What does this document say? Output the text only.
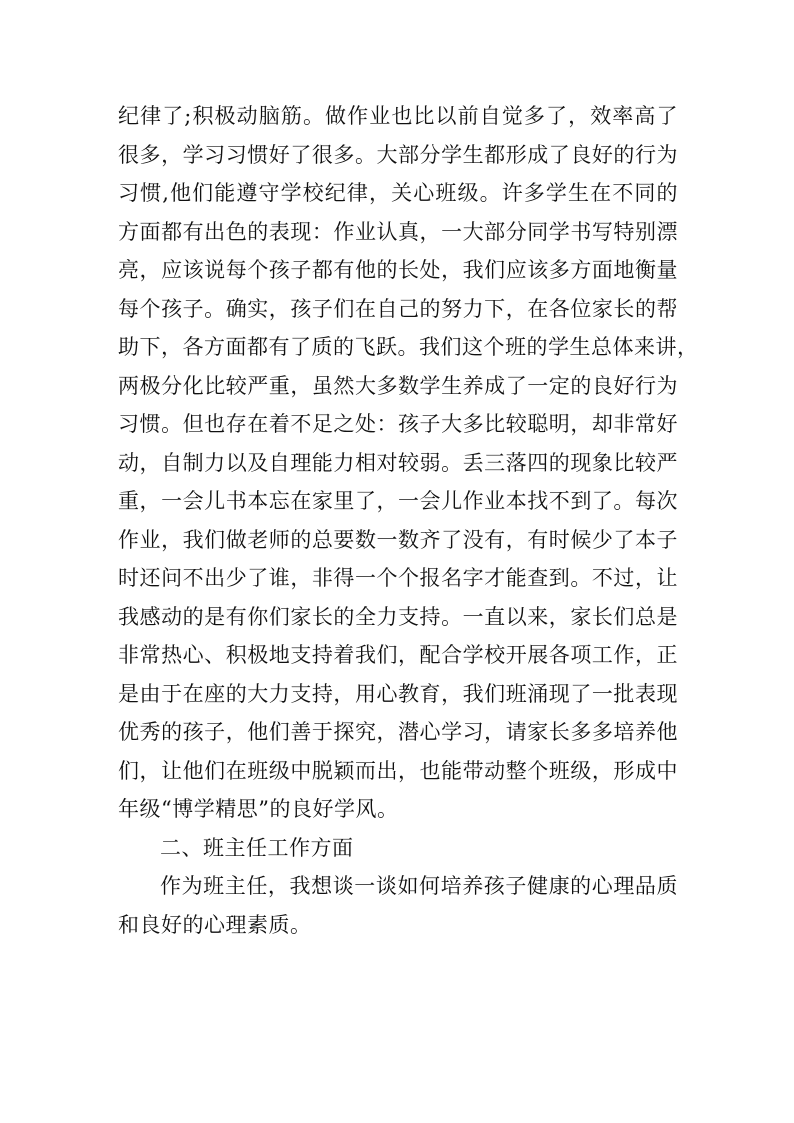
纪律了;积极动脑筋。做作业也比以前自觉多了，效率高了
很多，学习习惯好了很多。大部分学生都形成了良好的行为
习惯,他们能遵守学校纪律，关心班级。许多学生在不同的
方面都有出色的表现：作业认真，一大部分同学书写特别漂
亮，应该说每个孩子都有他的长处，我们应该多方面地衡量
每个孩子。确实，孩子们在自己的努力下，在各位家长的帮
助下，各方面都有了质的飞跃。我们这个班的学生总体来讲，
两极分化比较严重，虽然大多数学生养成了一定的良好行为
习惯。但也存在着不足之处：孩子大多比较聪明，却非常好
动，自制力以及自理能力相对较弱。丢三落四的现象比较严
重，一会儿书本忘在家里了，一会儿作业本找不到了。每次
作业，我们做老师的总要数一数齐了没有，有时候少了本子
时还问不出少了谁，非得一个个报名字才能查到。不过，让
我感动的是有你们家长的全力支持。一直以来，家长们总是
非常热心、积极地支持着我们，配合学校开展各项工作，正
是由于在座的大力支持，用心教育，我们班涌现了一批表现
优秀的孩子，他们善于探究，潜心学习，请家长多多培养他
们，让他们在班级中脱颖而出，也能带动整个班级，形成中
年级“博学精思”的良好学风。
二、班主任工作方面
作为班主任，我想谈一谈如何培养孩子健康的心理品质
和良好的心理素质。
